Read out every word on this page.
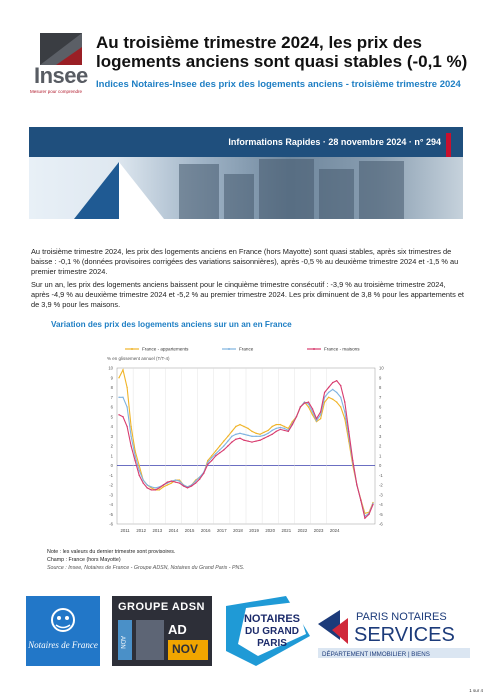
Insee
Mesurer pour comprendre
Au troisième trimestre 2024, les prix des logements anciens sont quasi stables (-0,1 %)
Indices Notaires-Insee des prix des logements anciens - troisième trimestre 2024
Informations Rapides · 28 novembre 2024 · n° 294
Au troisième trimestre 2024, les prix des logements anciens en France (hors Mayotte) sont quasi stables, après six trimestres de baisse : -0,1 % (données provisoires corrigées des variations saisonnières), après -0,5 % au deuxième trimestre 2024 et -1,5 % au premier trimestre 2024.
Sur un an, les prix des logements anciens baissent pour le cinquième trimestre consécutif : -3,9 % au troisième trimestre 2024, après -4,9 % au deuxième trimestre 2024 et -5,2 % au premier trimestre 2024. Les prix diminuent de 3,8 % pour les appartements et de 3,9 % pour les maisons.
Variation des prix des logements anciens sur un an en France
% en glissement annuel (T/T-4)
-6	-6
-5	-5
-4	-4
-3	-3
-2	-2
-1	-1
0	0
1	1
2	2
3	3
4	4
5	5
6	6
7	7
8	8
9	9
10	10
2011 2012 2013 2014 2015 2016 2017 2018 2019 2020 2021 2022 2023 2024
France - appartements	France	France - maisons
Note : les valeurs du dernier trimestre sont provisoires.
Champ : France (hors Mayotte)
Source : Insee, Notaires de France - Groupe ADSN, Notaires du Grand Paris - PNS.
Notaires de France
GROUPE ADSN
ADN
AD
NOV
NOTAIRES
DU GRAND
PARIS
PARIS NOTAIRES
SERVICES
DÉPARTEMENT IMMOBILIER | BIENS
1 sur 4
